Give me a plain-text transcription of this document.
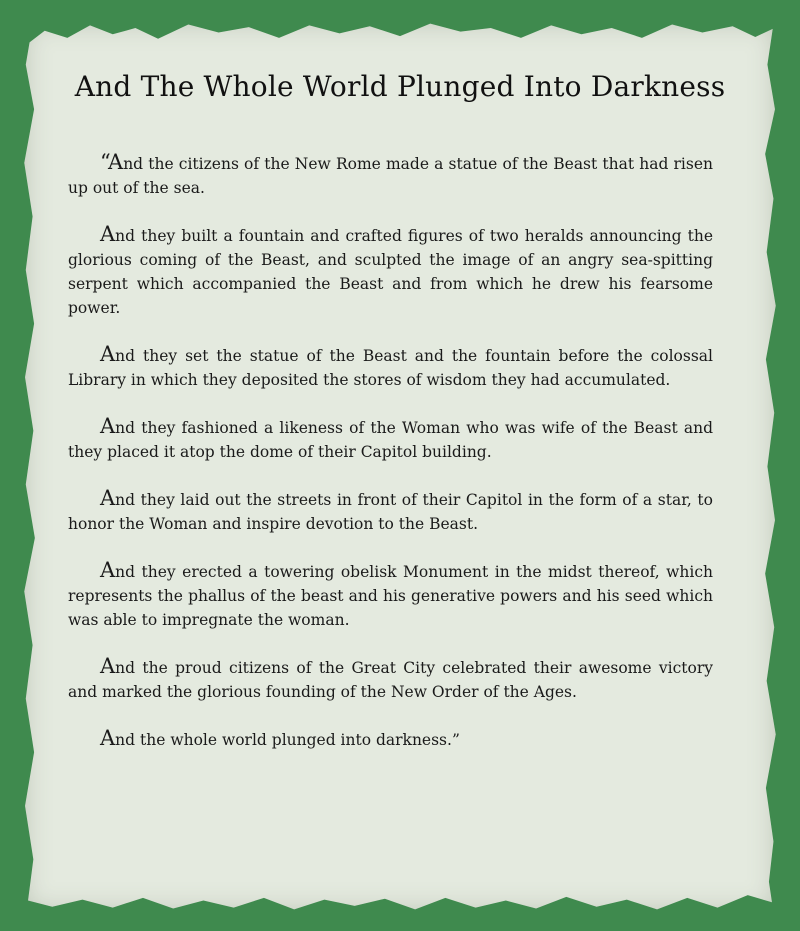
And The Whole World Plunged Into Darkness

“And the citizens of the New Rome made a statue of the Beast that had risen up out of the sea.

And they built a fountain and crafted figures of two heralds announcing the glorious coming of the Beast, and sculpted the image of an angry sea-spitting serpent which accompanied the Beast and from which he drew his fearsome power.

And they set the statue of the Beast and the fountain before the colossal Library in which they deposited the stores of wisdom they had accumulated.

And they fashioned a likeness of the Woman who was wife of the Beast and they placed it atop the dome of their Capitol building.

And they laid out the streets in front of their Capitol in the form of a star, to honor the Woman and inspire devotion to the Beast.

And they erected a towering obelisk Monument in the midst thereof, which represents the phallus of the beast and his generative powers and his seed which was able to impregnate the woman.

And the proud citizens of the Great City celebrated their awesome victory and marked the glorious founding of the New Order of the Ages.

And the whole world plunged into darkness.”
